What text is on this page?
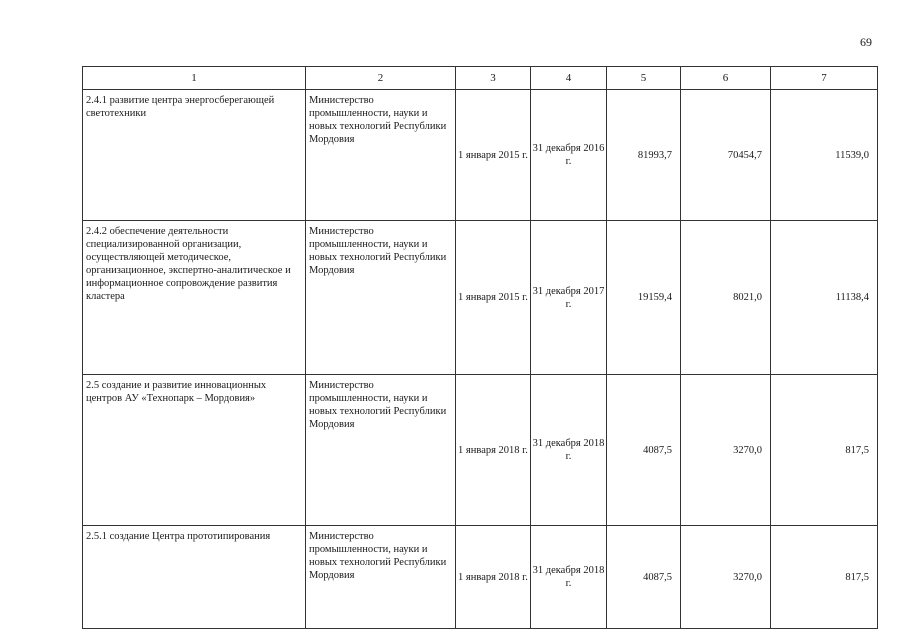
69
1	2	3	4	5	6	7
2.4.1 развитие центра энергосберегающей светотехники	Министерство промышленности, науки и новых технологий Республики Мордовия	1 января 2015 г.	31 декабря 2016 г.	81993,7	70454,7	11539,0
2.4.2 обеспечение деятельности специализированной организации, осуществляющей методическое, организационное, экспертно-аналитическое и информационное сопровождение развития кластера	Министерство промышленности, науки и новых технологий Республики Мордовия	1 января 2015 г.	31 декабря 2017 г.	19159,4	8021,0	11138,4
2.5 создание и развитие инновационных центров АУ «Технопарк – Мордовия»	Министерство промышленности, науки и новых технологий Республики Мордовия	1 января 2018 г.	31 декабря 2018 г.	4087,5	3270,0	817,5
2.5.1 создание Центра прототипирования	Министерство промышленности, науки и новых технологий Республики Мордовия	1 января 2018 г.	31 декабря 2018 г.	4087,5	3270,0	817,5
